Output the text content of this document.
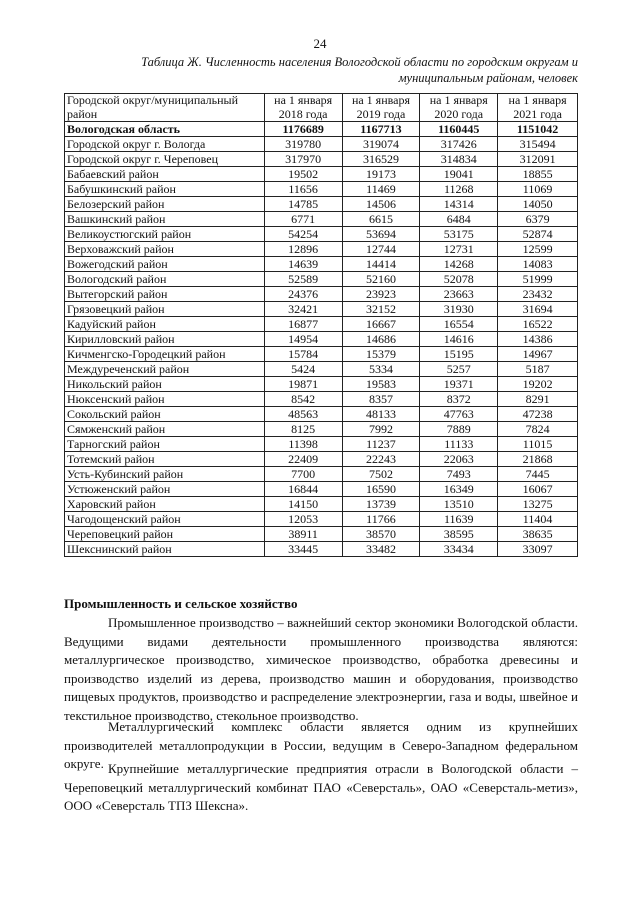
24
Таблица Ж. Численность населения Вологодской области по городским округам и муниципальным районам, человек
Городской округ/муниципальный район	на 1 января 2018 года	на 1 января 2019 года	на 1 января 2020 года	на 1 января 2021 года
Вологодская область	1176689	1167713	1160445	1151042
Городской округ г. Вологда	319780	319074	317426	315494
Городской округ г. Череповец	317970	316529	314834	312091
Бабаевский район	19502	19173	19041	18855
Бабушкинский район	11656	11469	11268	11069
Белозерский район	14785	14506	14314	14050
Вашкинский район	6771	6615	6484	6379
Великоустюгский район	54254	53694	53175	52874
Верховажский район	12896	12744	12731	12599
Вожегодский район	14639	14414	14268	14083
Вологодский район	52589	52160	52078	51999
Вытегорский район	24376	23923	23663	23432
Грязовецкий район	32421	32152	31930	31694
Кадуйский район	16877	16667	16554	16522
Кирилловский район	14954	14686	14616	14386
Кичменгско-Городецкий район	15784	15379	15195	14967
Междуреченский район	5424	5334	5257	5187
Никольский район	19871	19583	19371	19202
Нюксенский район	8542	8357	8372	8291
Сокольский район	48563	48133	47763	47238
Сямженский район	8125	7992	7889	7824
Тарногский район	11398	11237	11133	11015
Тотемский район	22409	22243	22063	21868
Усть-Кубинский район	7700	7502	7493	7445
Устюженский район	16844	16590	16349	16067
Харовский район	14150	13739	13510	13275
Чагодощенский район	12053	11766	11639	11404
Череповецкий район	38911	38570	38595	38635
Шекснинский район	33445	33482	33434	33097
Промышленность и сельское хозяйство

Промышленное производство – важнейший сектор экономики Вологодской области. Ведущими видами деятельности промышленного производства являются: металлургическое производство, химическое производство, обработка древесины и производство изделий из дерева, производство машин и оборудования, производство пищевых продуктов, производство и распределение электроэнергии, газа и воды, швейное и текстильное производство, стекольное производство.

Металлургический комплекс области является одним из крупнейших производителей металлопродукции в России, ведущим в Северо-Западном федеральном округе. Крупнейшие металлургические предприятия отрасли в Вологодской области – Череповецкий металлургический комбинат ПАО «Северсталь», ОАО «Северсталь-метиз», ООО «Северсталь ТПЗ Шексна».
